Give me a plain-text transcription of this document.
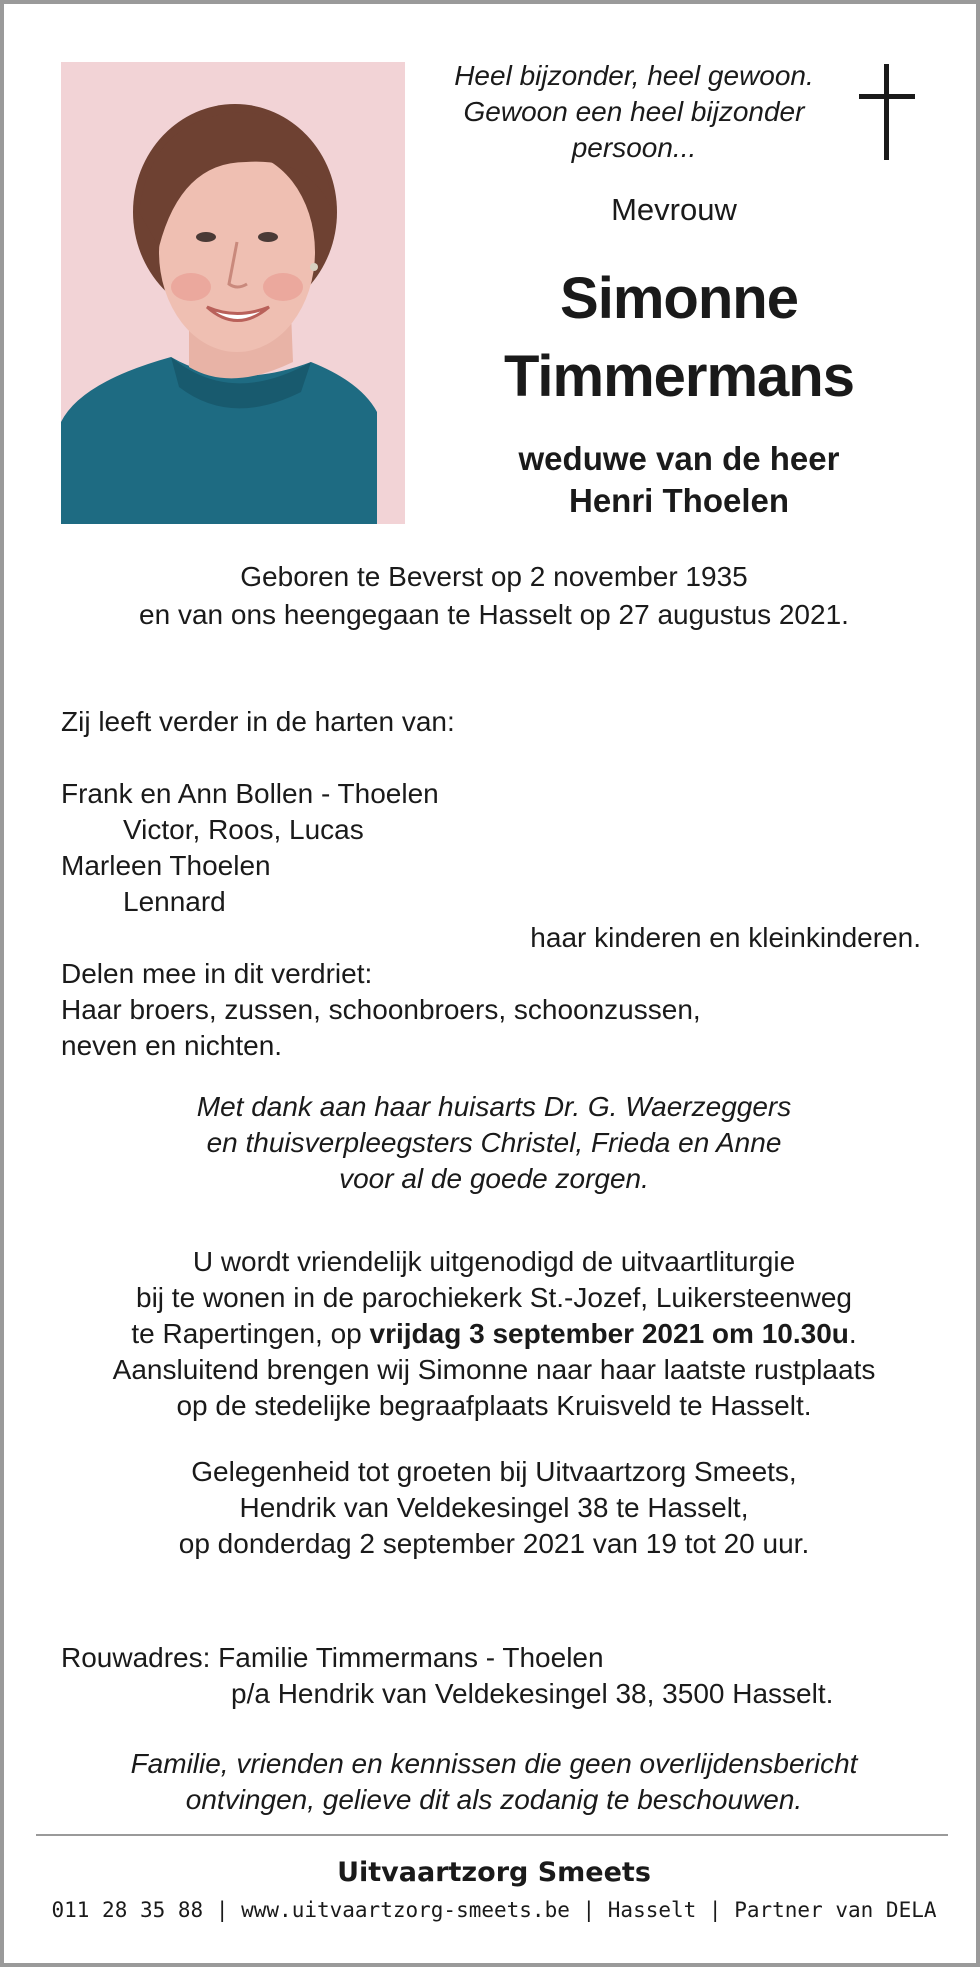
Heel bijzonder, heel gewoon.
Gewoon een heel bijzonder
persoon...
Mevrouw
Simonne
Timmermans
weduwe van de heer
Henri Thoelen
Geboren te Beverst op 2 november 1935
en van ons heengegaan te Hasselt op 27 augustus 2021.
Zij leeft verder in de harten van:
Frank en Ann Bollen - Thoelen
Victor, Roos, Lucas
Marleen Thoelen
Lennard
haar kinderen en kleinkinderen.
Delen mee in dit verdriet:
Haar broers, zussen, schoonbroers, schoonzussen,
neven en nichten.
Met dank aan haar huisarts Dr. G. Waerzeggers
en thuisverpleegsters Christel, Frieda en Anne
voor al de goede zorgen.
U wordt vriendelijk uitgenodigd de uitvaartliturgie
bij te wonen in de parochiekerk St.-Jozef, Luikersteenweg
te Rapertingen, op vrijdag 3 september 2021 om 10.30u.
Aansluitend brengen wij Simonne naar haar laatste rustplaats
op de stedelijke begraafplaats Kruisveld te Hasselt.
Gelegenheid tot groeten bij Uitvaartzorg Smeets,
Hendrik van Veldekesingel 38 te Hasselt,
op donderdag 2 september 2021 van 19 tot 20 uur.
Rouwadres: Familie Timmermans - Thoelen
p/a Hendrik van Veldekesingel 38, 3500 Hasselt.
Familie, vrienden en kennissen die geen overlijdensbericht
ontvingen, gelieve dit als zodanig te beschouwen.
Uitvaartzorg Smeets
011 28 35 88 | www.uitvaartzorg-smeets.be | Hasselt | Partner van DELA
